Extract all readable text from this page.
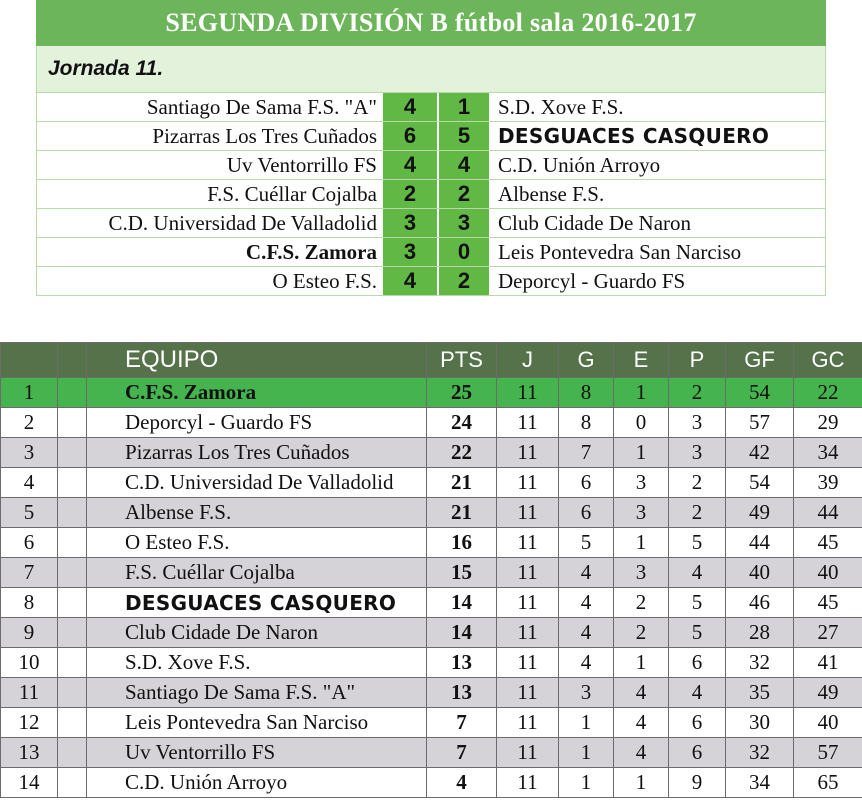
SEGUNDA DIVISIÓN B fútbol sala 2016-2017
Jornada 11.
Santiago De Sama F.S. "A"	4	1	S.D. Xove F.S.
Pizarras Los Tres Cuñados	6	5	DESGUACES CASQUERO
Uv Ventorrillo FS	4	4	C.D. Unión Arroyo
F.S. Cuéllar Cojalba	2	2	Albense F.S.
C.D. Universidad De Valladolid	3	3	Club Cidade De Naron
C.F.S. Zamora	3	0	Leis Pontevedra San Narciso
O Esteo F.S.	4	2	Deporcyl - Guardo FS
		EQUIPO	PTS	J	G	E	P	GF	GC
1		C.F.S. Zamora	25	11	8	1	2	54	22
2		Deporcyl - Guardo FS	24	11	8	0	3	57	29
3		Pizarras Los Tres Cuñados	22	11	7	1	3	42	34
4		C.D. Universidad De Valladolid	21	11	6	3	2	54	39
5		Albense F.S.	21	11	6	3	2	49	44
6		O Esteo F.S.	16	11	5	1	5	44	45
7		F.S. Cuéllar Cojalba	15	11	4	3	4	40	40
8		DESGUACES CASQUERO	14	11	4	2	5	46	45
9		Club Cidade De Naron	14	11	4	2	5	28	27
10		S.D. Xove F.S.	13	11	4	1	6	32	41
11		Santiago De Sama F.S. "A"	13	11	3	4	4	35	49
12		Leis Pontevedra San Narciso	7	11	1	4	6	30	40
13		Uv Ventorrillo FS	7	11	1	4	6	32	57
14		C.D. Unión Arroyo	4	11	1	1	9	34	65
